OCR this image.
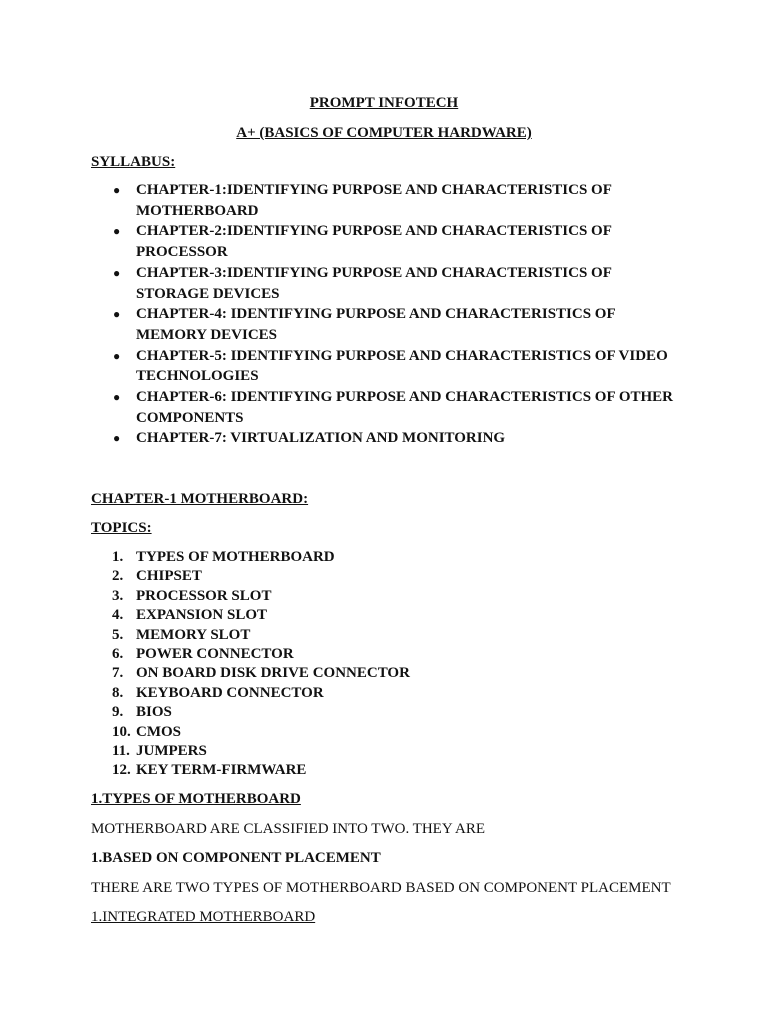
PROMPT INFOTECH
A+ (BASICS OF COMPUTER HARDWARE)
SYLLABUS:
● CHAPTER-1:IDENTIFYING PURPOSE AND CHARACTERISTICS OF MOTHERBOARD
● CHAPTER-2:IDENTIFYING PURPOSE AND CHARACTERISTICS OF PROCESSOR
● CHAPTER-3:IDENTIFYING PURPOSE AND CHARACTERISTICS OF STORAGE DEVICES
● CHAPTER-4: IDENTIFYING PURPOSE AND CHARACTERISTICS OF MEMORY DEVICES
● CHAPTER-5: IDENTIFYING PURPOSE AND CHARACTERISTICS OF VIDEO TECHNOLOGIES
● CHAPTER-6: IDENTIFYING PURPOSE AND CHARACTERISTICS OF OTHER COMPONENTS
● CHAPTER-7: VIRTUALIZATION AND MONITORING
CHAPTER-1 MOTHERBOARD:
TOPICS:
1. TYPES OF MOTHERBOARD
2. CHIPSET
3. PROCESSOR SLOT
4. EXPANSION SLOT
5. MEMORY SLOT
6. POWER CONNECTOR
7. ON BOARD DISK DRIVE CONNECTOR
8. KEYBOARD CONNECTOR
9. BIOS
10. CMOS
11. JUMPERS
12. KEY TERM-FIRMWARE
1.TYPES OF MOTHERBOARD
MOTHERBOARD ARE CLASSIFIED INTO TWO. THEY ARE
1.BASED ON COMPONENT PLACEMENT
THERE ARE TWO TYPES OF MOTHERBOARD BASED ON COMPONENT PLACEMENT
1.INTEGRATED MOTHERBOARD
